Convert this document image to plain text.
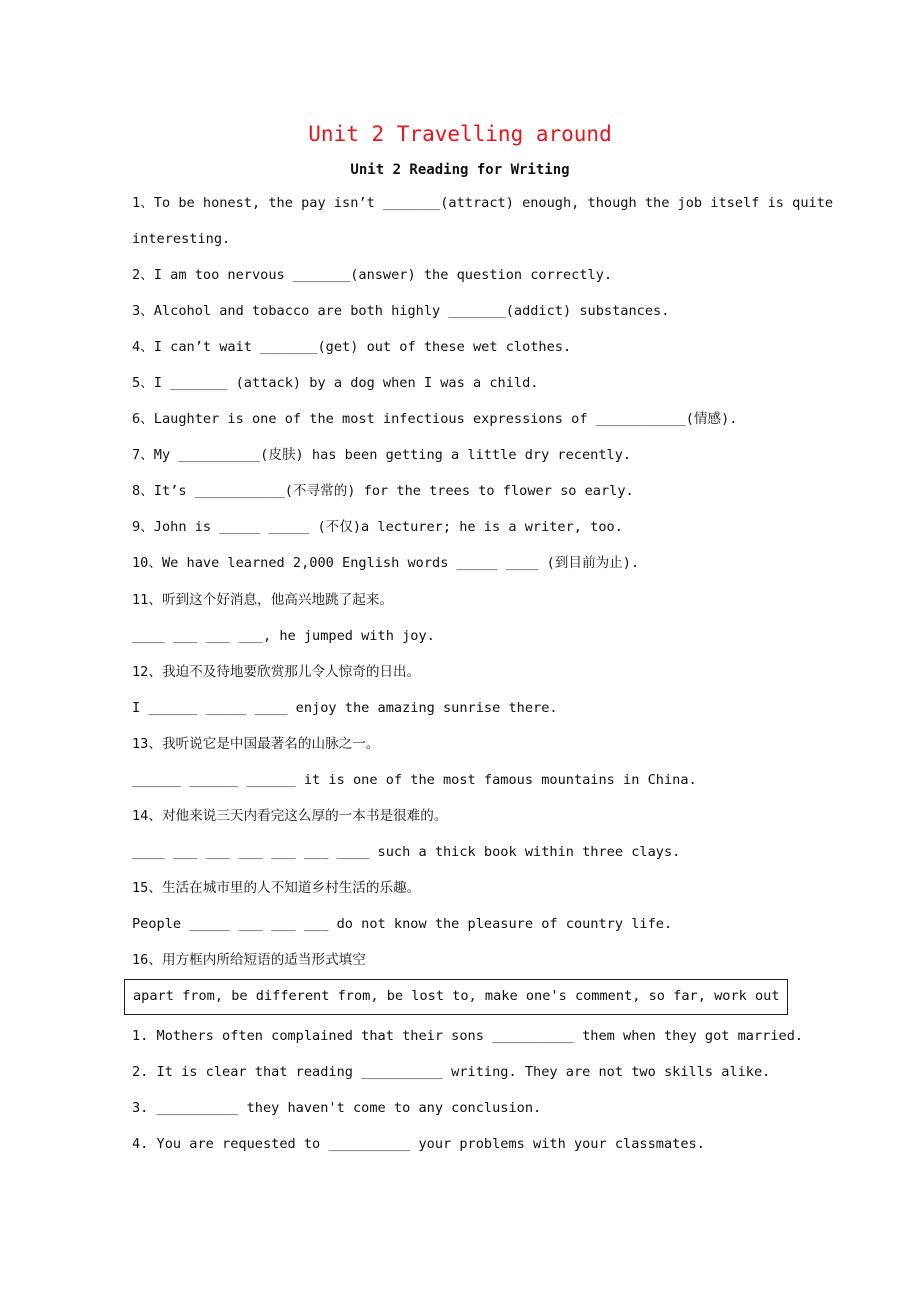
Unit 2 Travelling around
Unit 2 Reading for Writing
1、To be honest, the pay isn’t _______(attract) enough, though the job itself is quite
interesting.
2、I am too nervous _______(answer) the question correctly.
3、Alcohol and tobacco are both highly _______(addict) substances.
4、I can’t wait _______(get) out of these wet clothes.
5、I _______ (attack) by a dog when I was a child.
6、Laughter is one of the most infectious expressions of ___________(情感).
7、My __________(皮肤) has been getting a little dry recently.
8、It’s ___________(不寻常的) for the trees to flower so early.
9、John is _____ _____ (不仅)a lecturer; he is a writer, too.
10、We have learned 2,000 English words _____ ____ (到目前为止).
11、听到这个好消息，他高兴地跳了起来。
____ ___ ___ ___, he jumped with joy.
12、我迫不及待地要欣赏那儿令人惊奇的日出。
I ______ _____ ____ enjoy the amazing sunrise there.
13、我听说它是中国最著名的山脉之一。
______ ______ ______ it is one of the most famous mountains in China.
14、对他来说三天内看完这么厚的一本书是很难的。
____ ___ ___ ___ ___ ___ ____ such a thick book within three clays.
15、生活在城市里的人不知道乡村生活的乐趣。
People _____ ___ ___ ___ do not know the pleasure of country life.
16、用方框内所给短语的适当形式填空
apart from, be different from, be lost to, make one's comment, so far, work out
1. Mothers often complained that their sons __________ them when they got married.
2. It is clear that reading __________ writing. They are not two skills alike.
3. __________ they haven't come to any conclusion.
4. You are requested to __________ your problems with your classmates.
